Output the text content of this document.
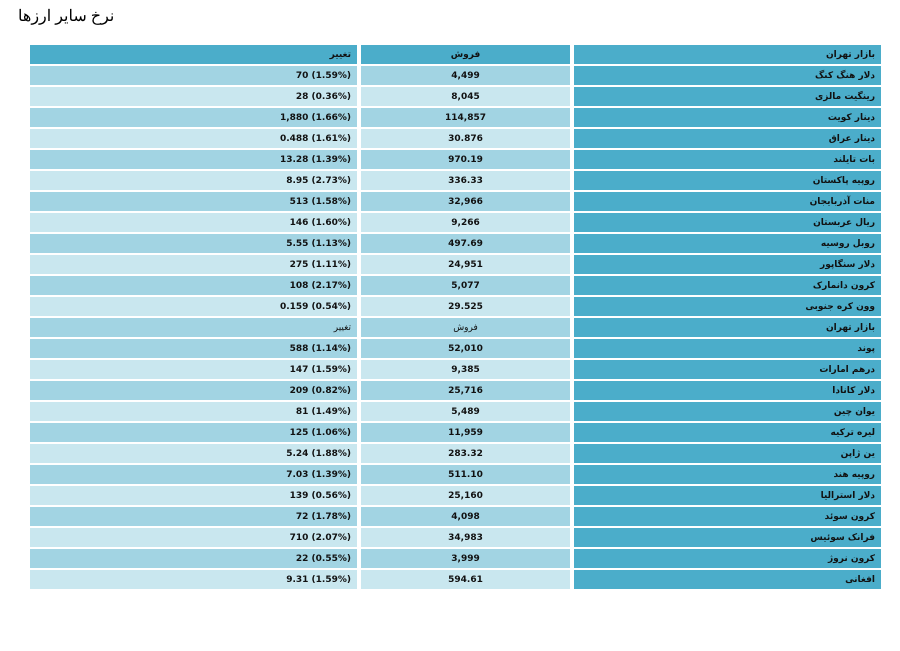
نرخ سایر ارزها
بازار تهران	فروش	تغییر
دلار هنگ کنگ	4,499	70 (1.59%)
رینگیت مالزی	8,045	28 (0.36%)
دینار کویت	114,857	1,880 (1.66%)
دینار عراق	30.876	0.488 (1.61%)
بات تایلند	970.19	13.28 (1.39%)
روپیه پاکستان	336.33	8.95 (2.73%)
منات آذربایجان	32,966	513 (1.58%)
ریال عربستان	9,266	146 (1.60%)
روبل روسیه	497.69	5.55 (1.13%)
دلار سنگاپور	24,951	275 (1.11%)
کرون دانمارک	5,077	108 (2.17%)
وون کره جنوبی	29.525	0.159 (0.54%)
بازار تهران	فروش	تغییر
پوند	52,010	588 (1.14%)
درهم امارات	9,385	147 (1.59%)
دلار کانادا	25,716	209 (0.82%)
یوان چین	5,489	81 (1.49%)
لیره ترکیه	11,959	125 (1.06%)
ین ژاپن	283.32	5.24 (1.88%)
روپیه هند	511.10	7.03 (1.39%)
دلار استرالیا	25,160	139 (0.56%)
کرون سوئد	4,098	72 (1.78%)
فرانک سوئیس	34,983	710 (2.07%)
کرون نروژ	3,999	22 (0.55%)
افغانی	594.61	9.31 (1.59%)
